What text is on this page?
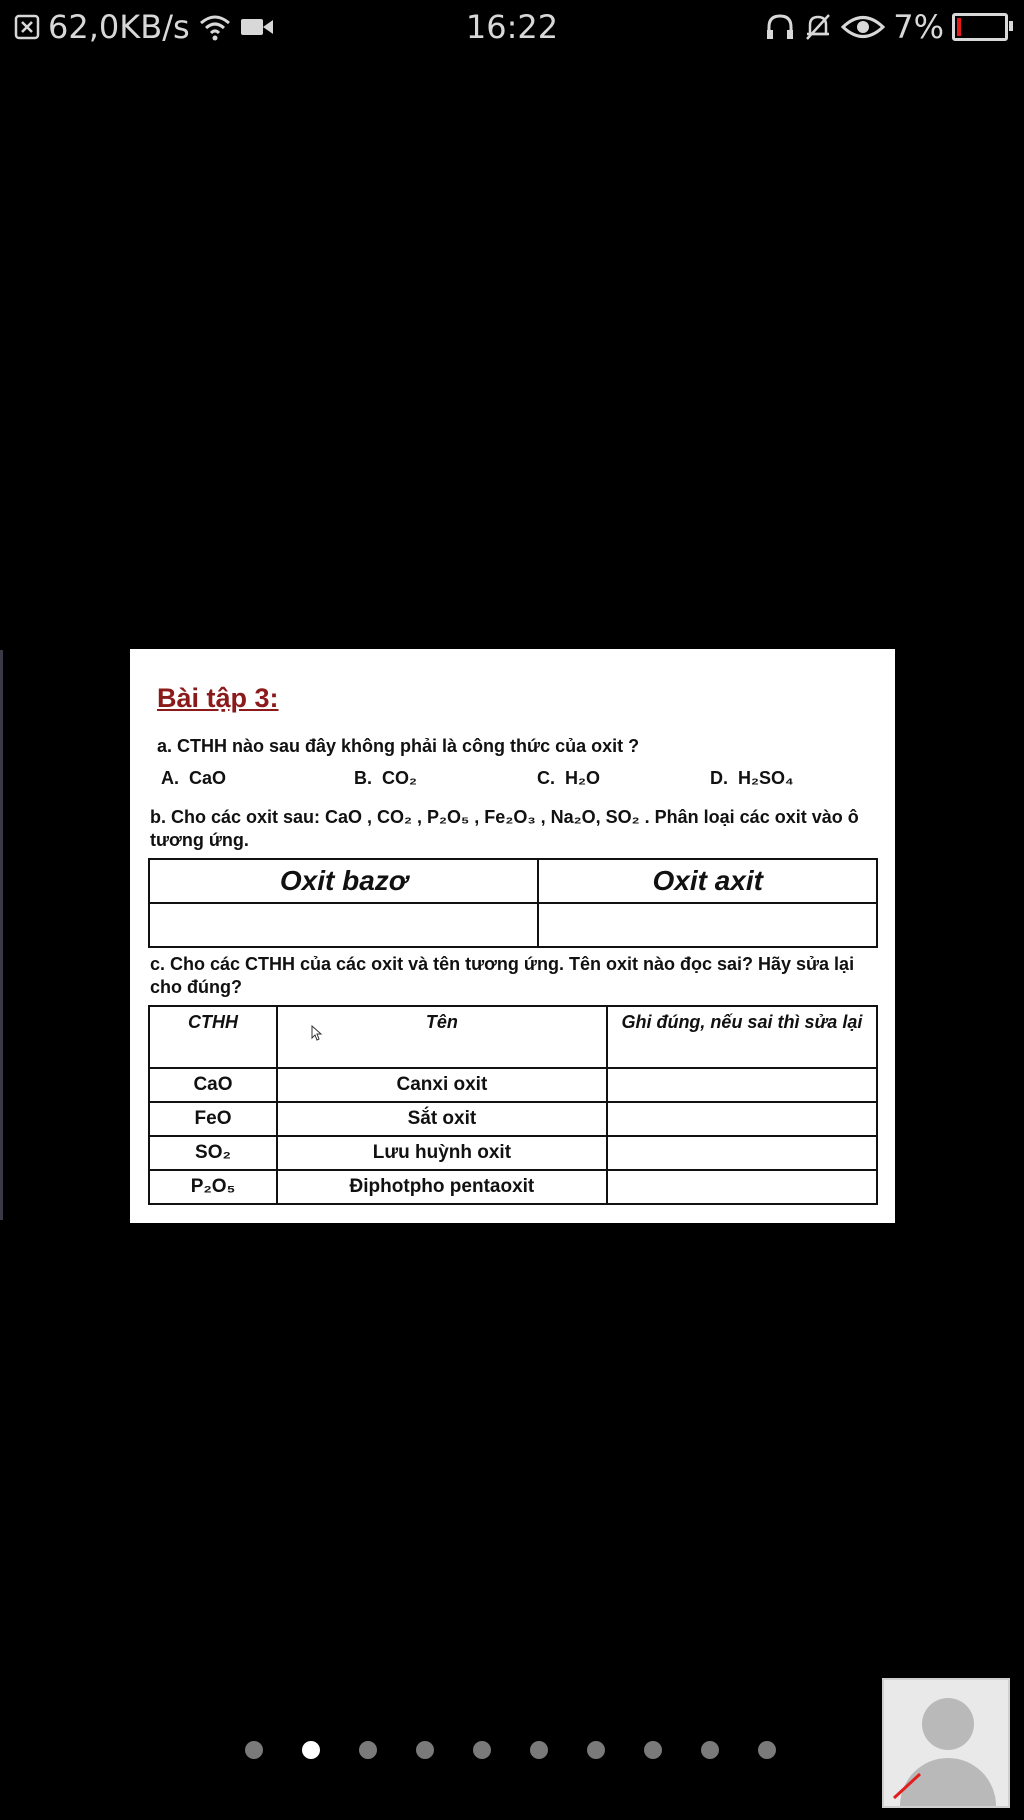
62,0KB/s	16:22	7%
Bài tập 3:
a. CTHH nào sau đây không phải là công thức của oxit ?
A. CaO	B. CO₂	C. H₂O	D. H₂SO₄
b. Cho các oxit sau: CaO , CO₂ , P₂O₅ , Fe₂O₃ , Na₂O, SO₂ . Phân loại các oxit vào ô tương ứng.
Oxit bazơ	Oxit axit

c. Cho các CTHH của các oxit và tên tương ứng. Tên oxit nào đọc sai? Hãy sửa lại cho đúng?
CTHH	Tên	Ghi đúng, nếu sai thì sửa lại
CaO	Canxi oxit	
FeO	Sắt oxit	
SO₂	Lưu huỳnh oxit	
P₂O₅	Điphotpho pentaoxit	
